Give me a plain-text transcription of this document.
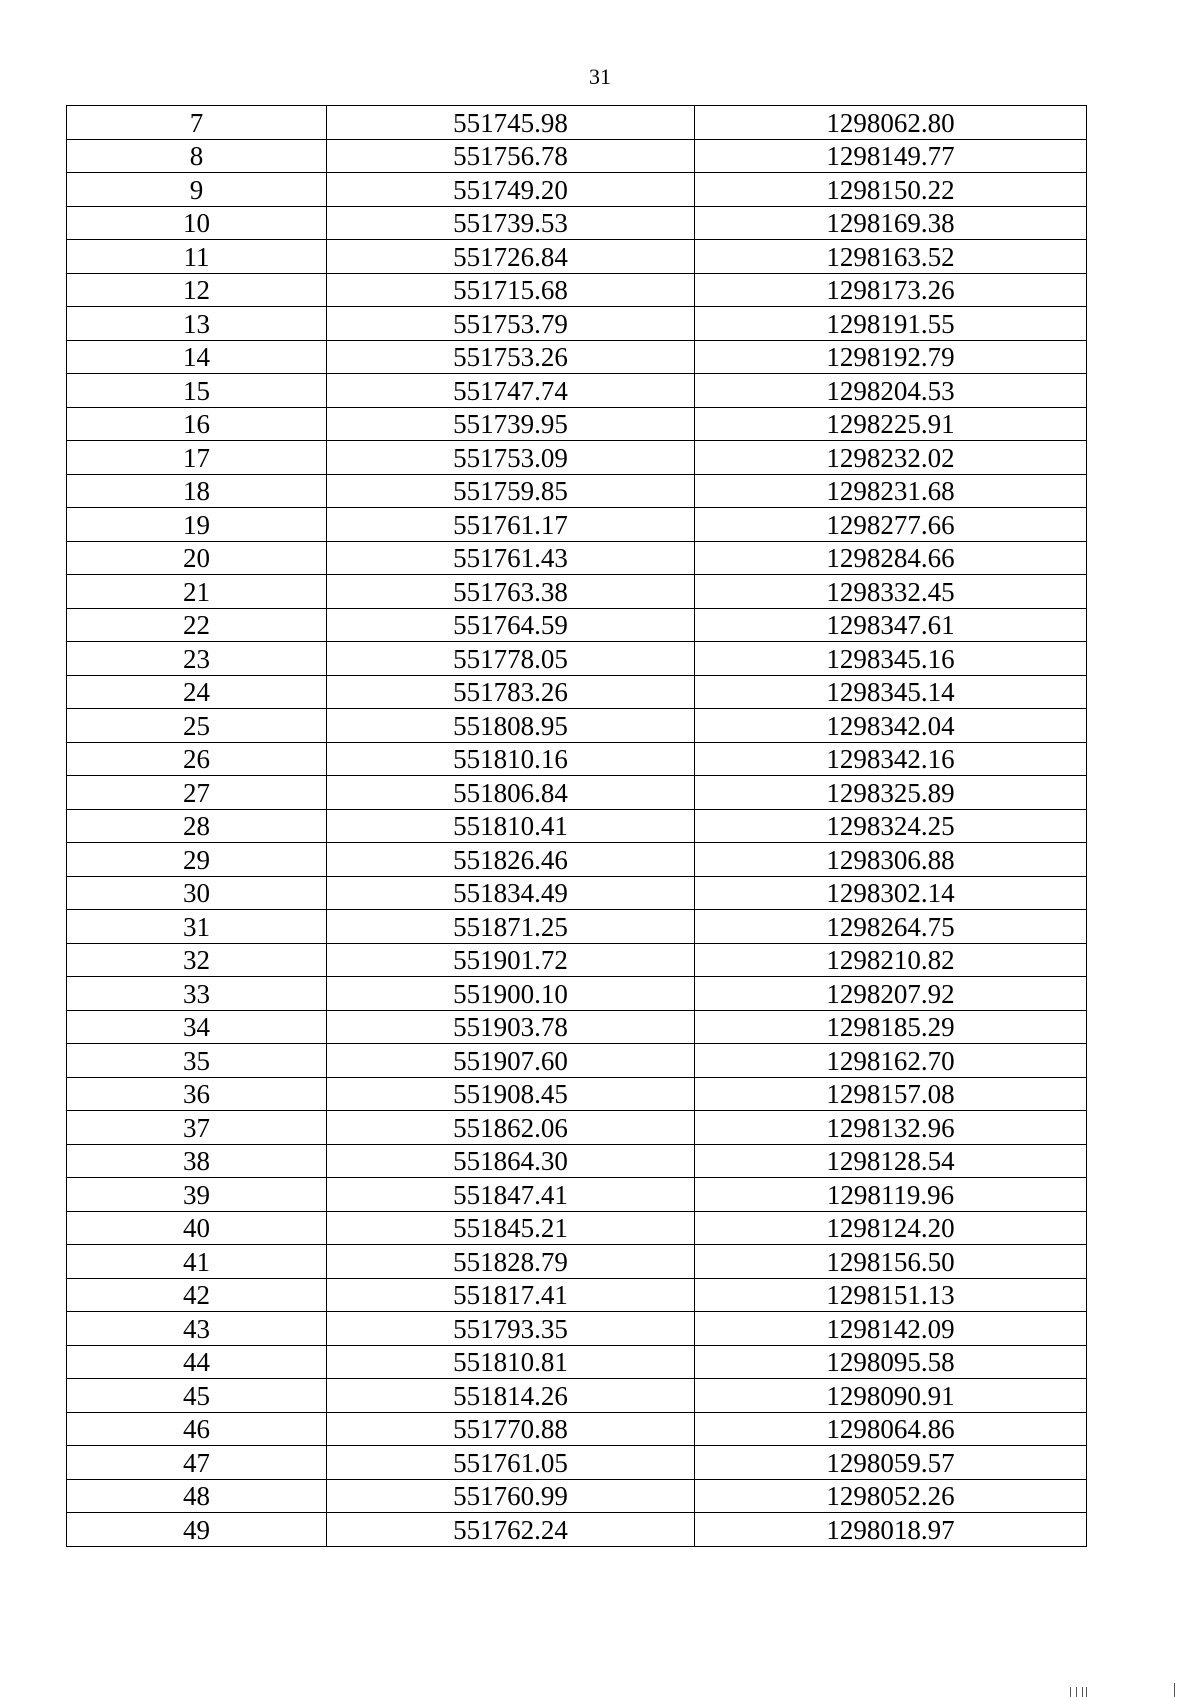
31
7	551745.98	1298062.80
8	551756.78	1298149.77
9	551749.20	1298150.22
10	551739.53	1298169.38
11	551726.84	1298163.52
12	551715.68	1298173.26
13	551753.79	1298191.55
14	551753.26	1298192.79
15	551747.74	1298204.53
16	551739.95	1298225.91
17	551753.09	1298232.02
18	551759.85	1298231.68
19	551761.17	1298277.66
20	551761.43	1298284.66
21	551763.38	1298332.45
22	551764.59	1298347.61
23	551778.05	1298345.16
24	551783.26	1298345.14
25	551808.95	1298342.04
26	551810.16	1298342.16
27	551806.84	1298325.89
28	551810.41	1298324.25
29	551826.46	1298306.88
30	551834.49	1298302.14
31	551871.25	1298264.75
32	551901.72	1298210.82
33	551900.10	1298207.92
34	551903.78	1298185.29
35	551907.60	1298162.70
36	551908.45	1298157.08
37	551862.06	1298132.96
38	551864.30	1298128.54
39	551847.41	1298119.96
40	551845.21	1298124.20
41	551828.79	1298156.50
42	551817.41	1298151.13
43	551793.35	1298142.09
44	551810.81	1298095.58
45	551814.26	1298090.91
46	551770.88	1298064.86
47	551761.05	1298059.57
48	551760.99	1298052.26
49	551762.24	1298018.97
